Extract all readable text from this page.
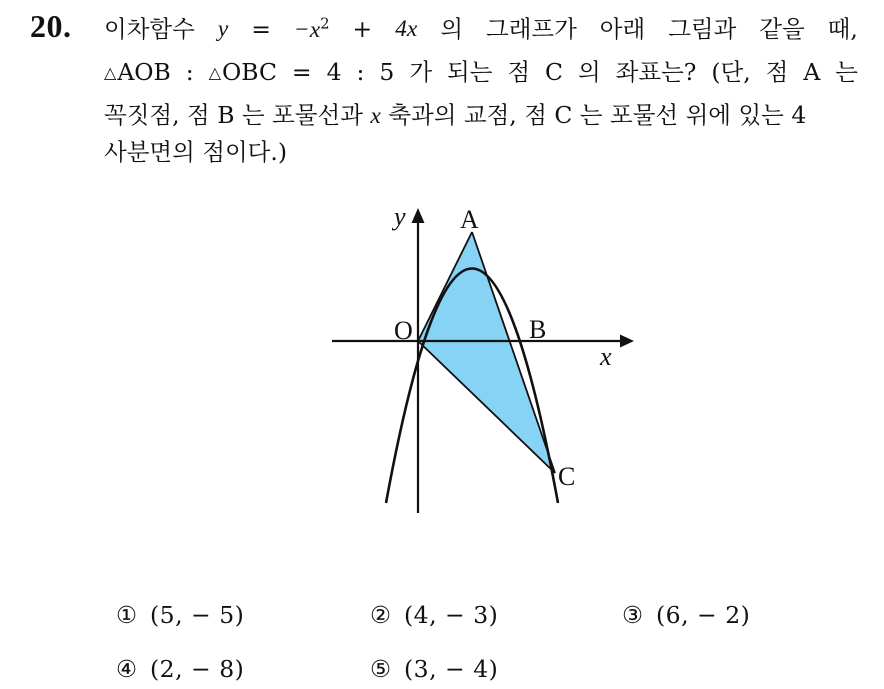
20. 이차함수 $y = -x^2 + 4x$ 의 그래프가 아래 그림과 같을 때,
△AOB : △OBC = 4 : 5 가 되는 점 C 의 좌표는? (단, 점 A 는
꼭짓점, 점 B 는 포물선과 x 축과의 교점, 점 C 는 포물선 위에 있는 4
사분면의 점이다.)
y
x
O
A
B
C
① (5, − 5)	② (4, − 3)	③ (6, − 2)
④ (2, − 8)	⑤ (3, − 4)
